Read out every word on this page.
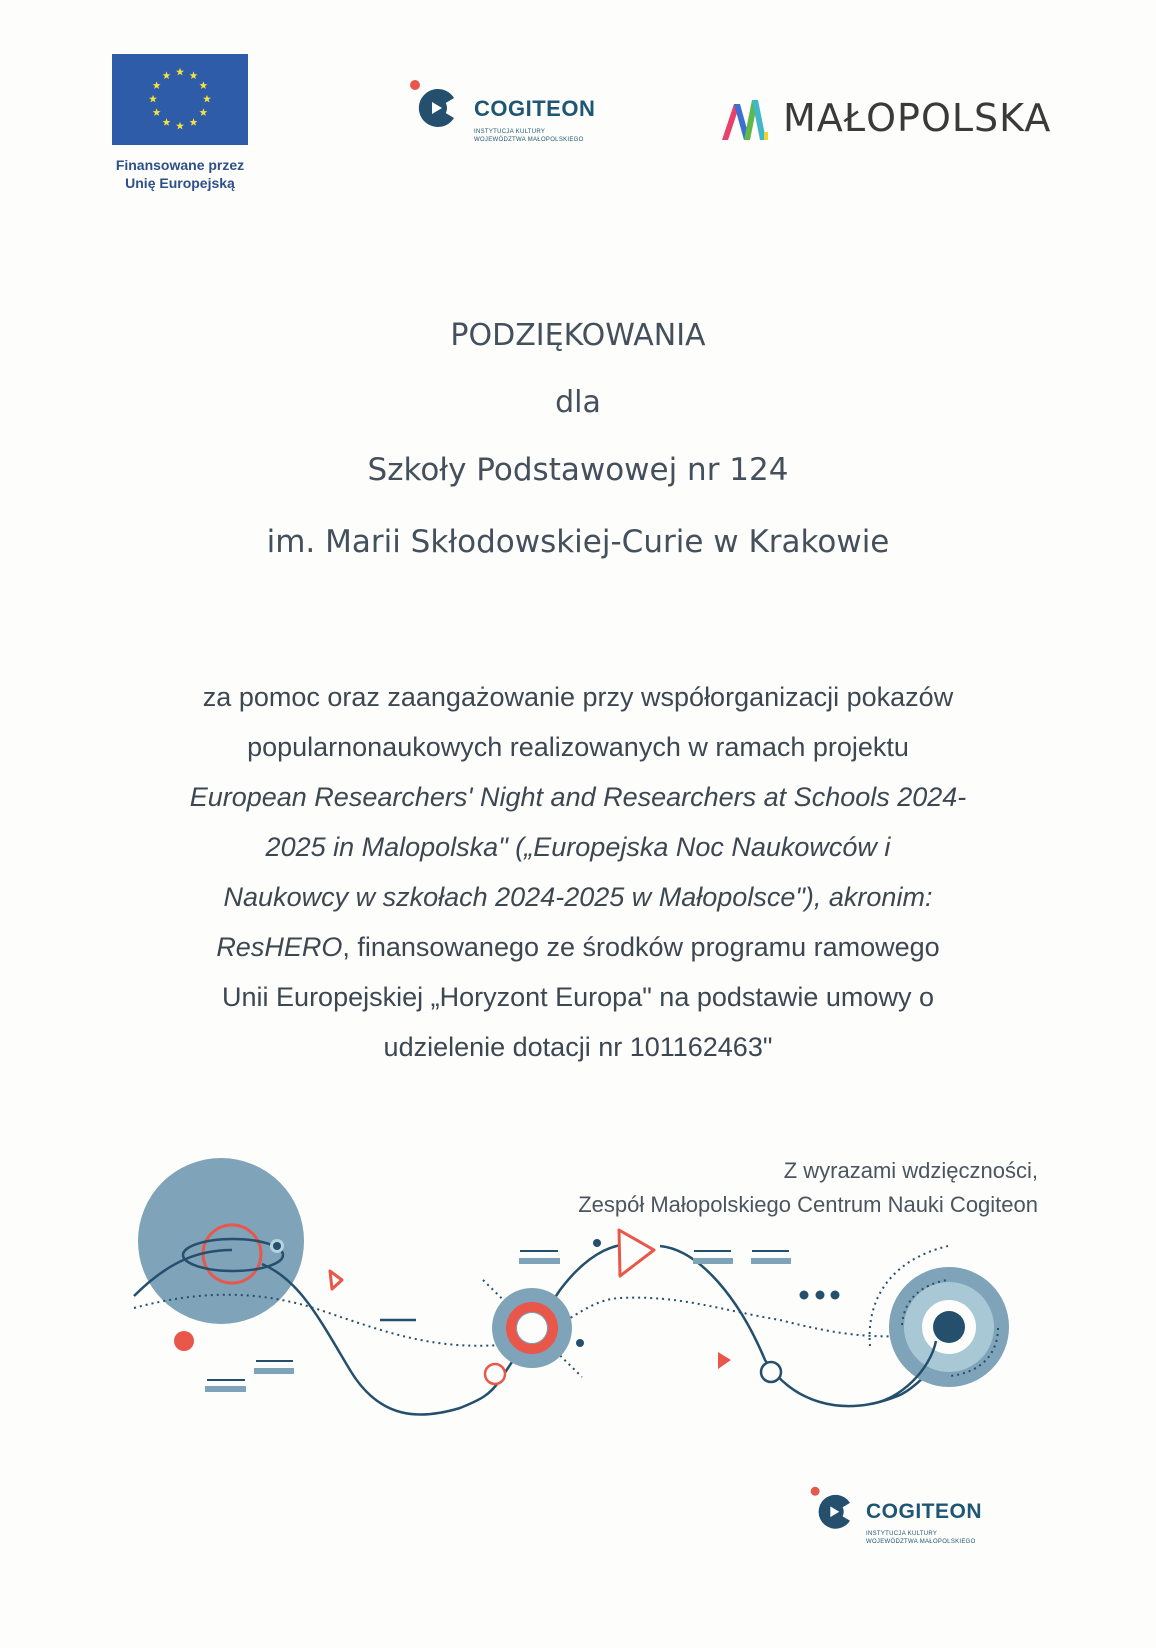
Finansowane przez
Unię Europejską
COGITEON
INSTYTUCJA KULTURY
WOJEWÓDZTWA MAŁOPOLSKIEGO	MAŁOPOLSKA
PODZIĘKOWANIA
dla
Szkoły Podstawowej nr 124
im. Marii Skłodowskiej-Curie w Krakowie
za pomoc oraz zaangażowanie przy współorganizacji pokazów
popularnonaukowych realizowanych w ramach projektu
European Researchers' Night and Researchers at Schools 2024-
2025 in Malopolska" („Europejska Noc Naukowców i
Naukowcy w szkołach 2024-2025 w Małopolsce"), akronim:
ResHERO, finansowanego ze środków programu ramowego
Unii Europejskiej „Horyzont Europa" na podstawie umowy o
udzielenie dotacji nr 101162463"
Z wyrazami wdzięczności,
Zespół Małopolskiego Centrum Nauki Cogiteon
COGITEON
INSTYTUCJA KULTURY
WOJEWÓDZTWA MAŁOPOLSKIEGO
